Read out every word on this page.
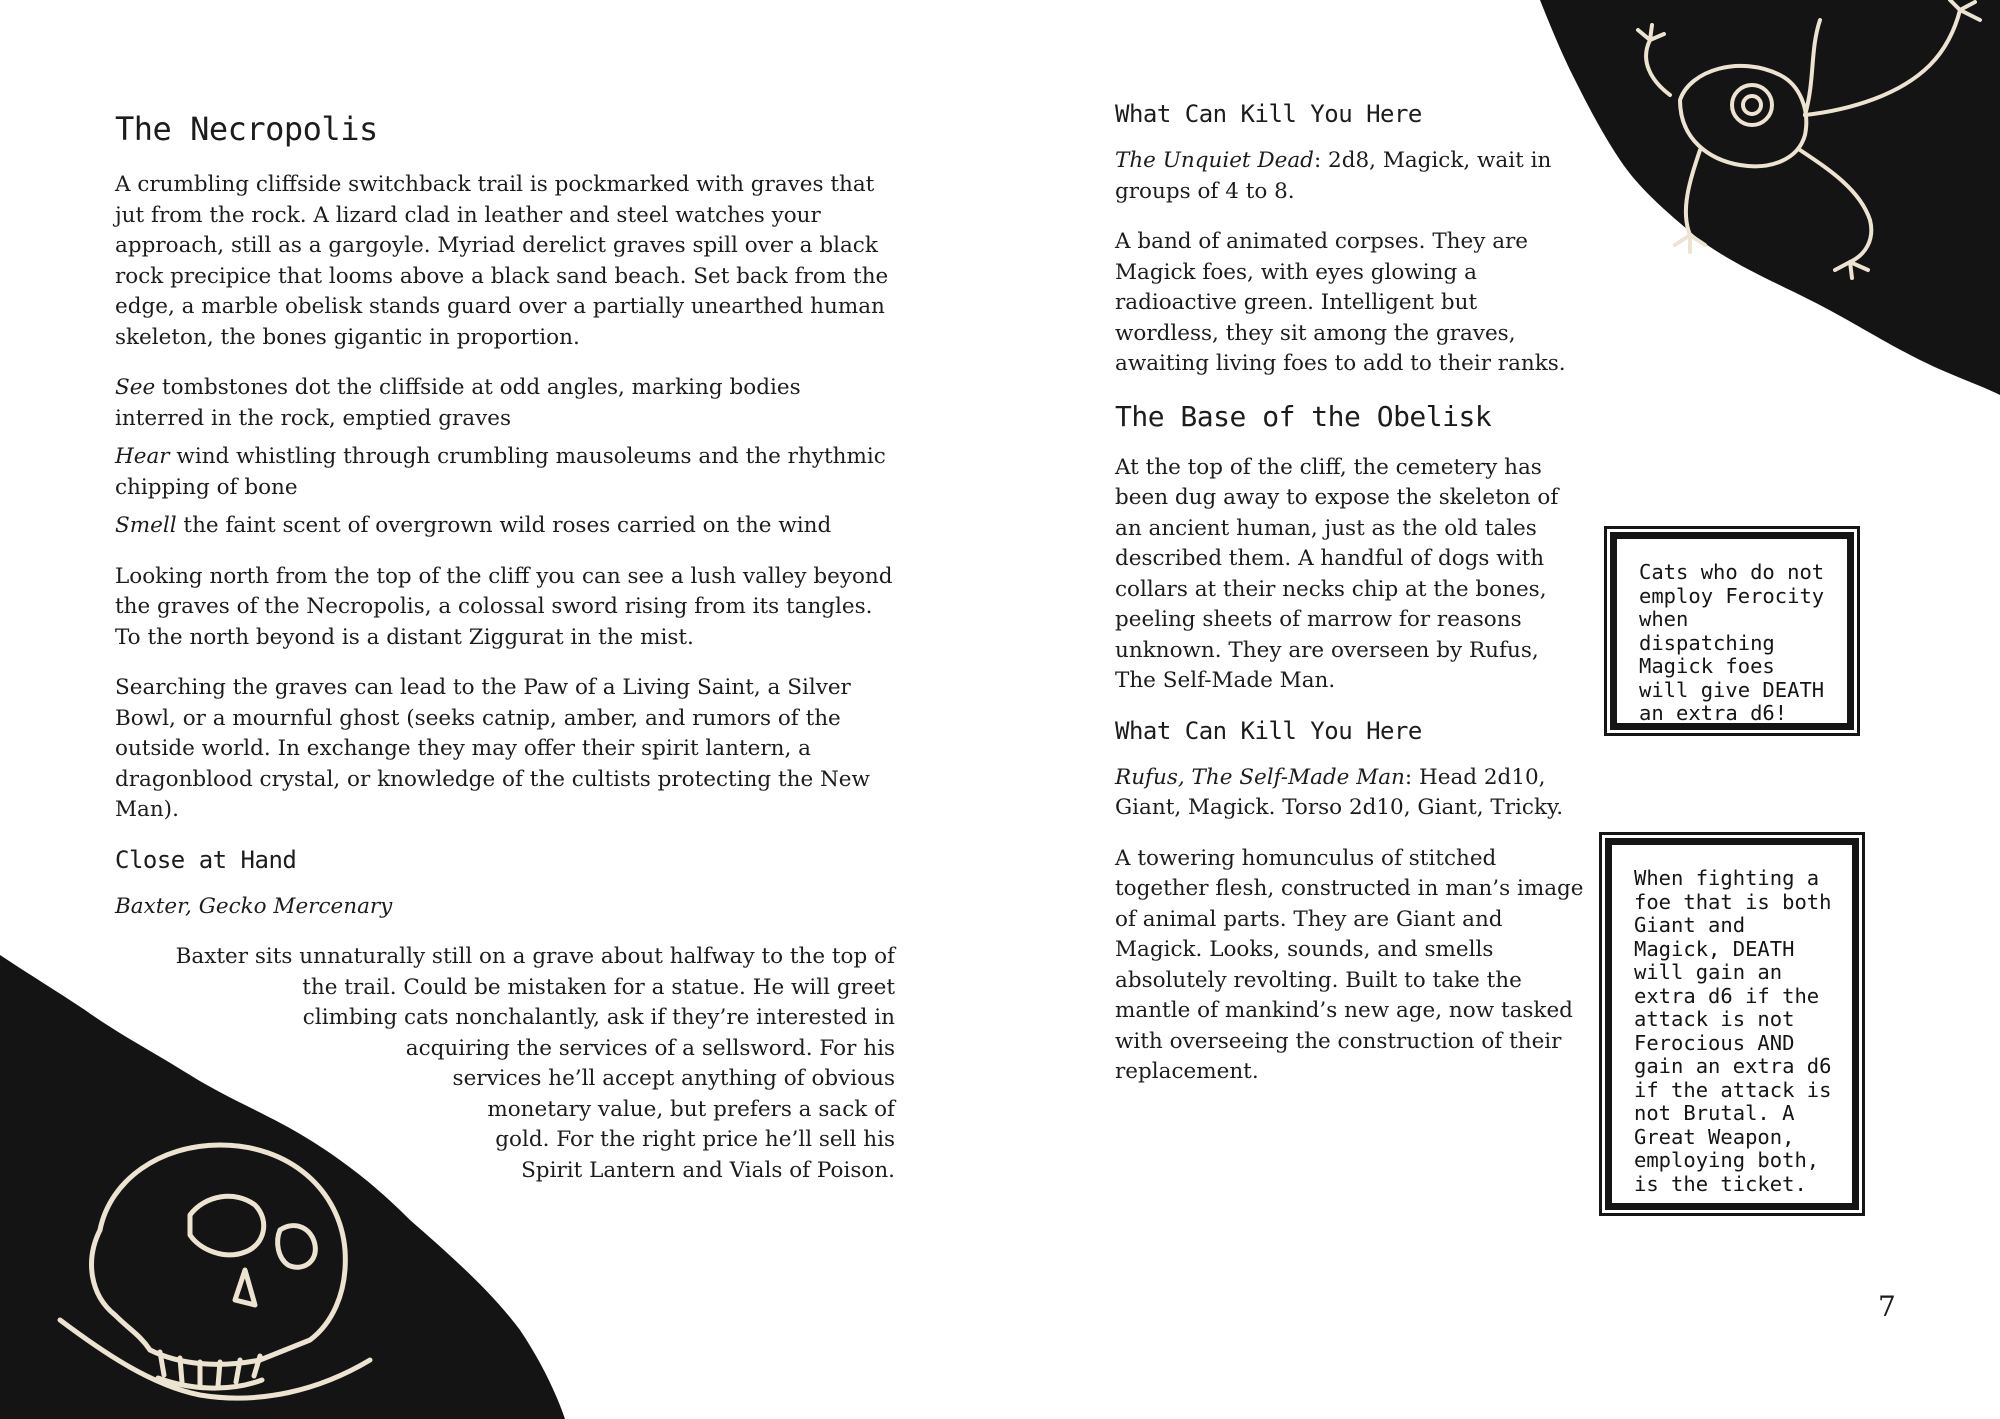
The Necropolis

A crumbling cliffside switchback trail is pockmarked with graves that jut from the rock. A lizard clad in leather and steel watches your approach, still as a gargoyle. Myriad derelict graves spill over a black rock precipice that looms above a black sand beach. Set back from the edge, a marble obelisk stands guard over a partially unearthed human skeleton, the bones gigantic in proportion.

See tombstones dot the cliffside at odd angles, marking bodies interred in the rock, emptied graves

Hear wind whistling through crumbling mausoleums and the rhythmic chipping of bone

Smell the faint scent of overgrown wild roses carried on the wind

Looking north from the top of the cliff you can see a lush valley beyond the graves of the Necropolis, a colossal sword rising from its tangles. To the north beyond is a distant Ziggurat in the mist.

Searching the graves can lead to the Paw of a Living Saint, a Silver Bowl, or a mournful ghost (seeks catnip, amber, and rumors of the outside world. In exchange they may offer their spirit lantern, a dragonblood crystal, or knowledge of the cultists protecting the New Man).

Close at Hand

Baxter, Gecko Mercenary

Baxter sits unnaturally still on a grave about halfway to the top of
the trail. Could be mistaken for a statue. He will greet
climbing cats nonchalantly, ask if they’re interested in
acquiring the services of a sellsword. For his
services he’ll accept anything of obvious
monetary value, but prefers a sack of
gold. For the right price he’ll sell his
Spirit Lantern and Vials of Poison.
What Can Kill You Here

The Unquiet Dead: 2d8, Magick, wait in groups of 4 to 8.

A band of animated corpses. They are Magick foes, with eyes glowing a radioactive green. Intelligent but wordless, they sit among the graves, awaiting living foes to add to their ranks.

The Base of the Obelisk

At the top of the cliff, the cemetery has been dug away to expose the skeleton of an ancient human, just as the old tales described them. A handful of dogs with collars at their necks chip at the bones, peeling sheets of marrow for reasons unknown. They are overseen by Rufus, The Self-Made Man.

What Can Kill You Here

Rufus, The Self-Made Man: Head 2d10, Giant, Magick. Torso 2d10, Giant, Tricky.

A towering homunculus of stitched together flesh, constructed in man’s image of animal parts. They are Giant and Magick. Looks, sounds, and smells absolutely revolting. Built to take the mantle of mankind’s new age, now tasked with overseeing the construction of their replacement.

Cats who do not employ Ferocity when dispatching Magick foes will give DEATH an extra d6!
When fighting a foe that is both Giant and Magick, DEATH will gain an extra d6 if the attack is not Ferocious AND gain an extra d6 if the attack is not Brutal. A Great Weapon, employing both, is the ticket.
7
